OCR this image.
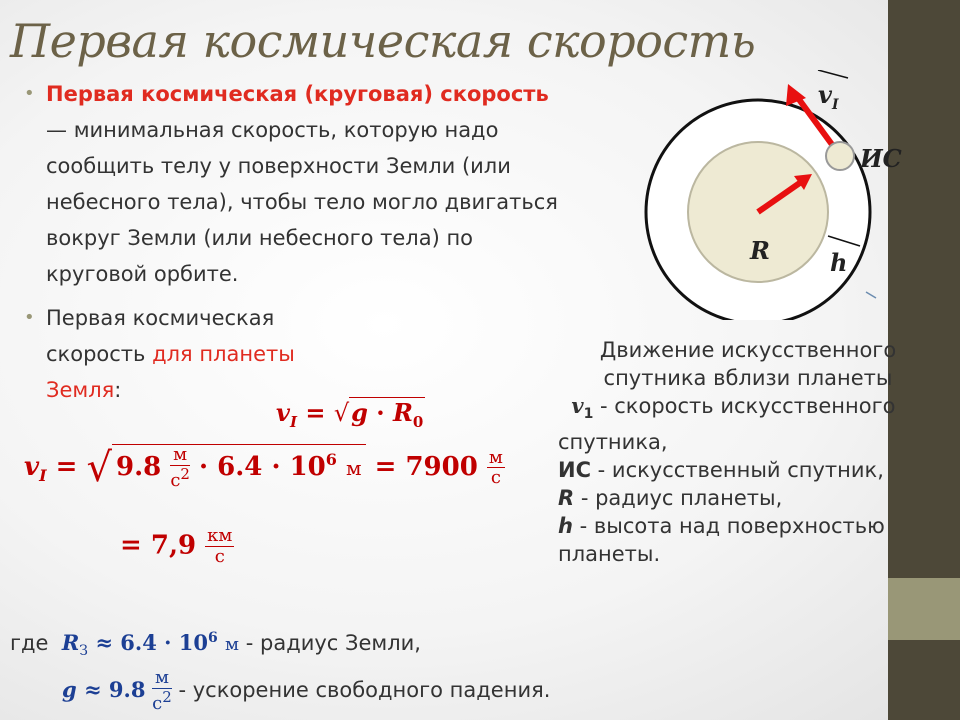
Первая космическая скорость

• Первая космическая (круговая) скорость — минимальная скорость, которую надо сообщить телу у поверхности Земли (или небесного тела), чтобы тело могло двигаться вокруг Земли (или небесного тела) по круговой орбите.

• Первая космическая скорость для планеты Земля:

$v_I = √g \cdot R_0$
$v_I$ = √ $9.8 \frac{м}{с^2} \cdot 6.4 \cdot 10^6$ $м = 7900 \frac{м}{с}$
= $7,9 \frac{км}{с}$
где $R_З \approx 6.4 \cdot 10^6$ м - радиус Земли,
$g \approx 9.8 \frac{м}{с^2}$ - ускорение свободного падения.
$v_I$
ИС
R	h
Движение искусственного спутника вблизи планеты
$v_1$ - скорость искусственного спутника,
ИС - искусственный спутник,
R - радиус планеты,
h - высота над поверхностью планеты.
